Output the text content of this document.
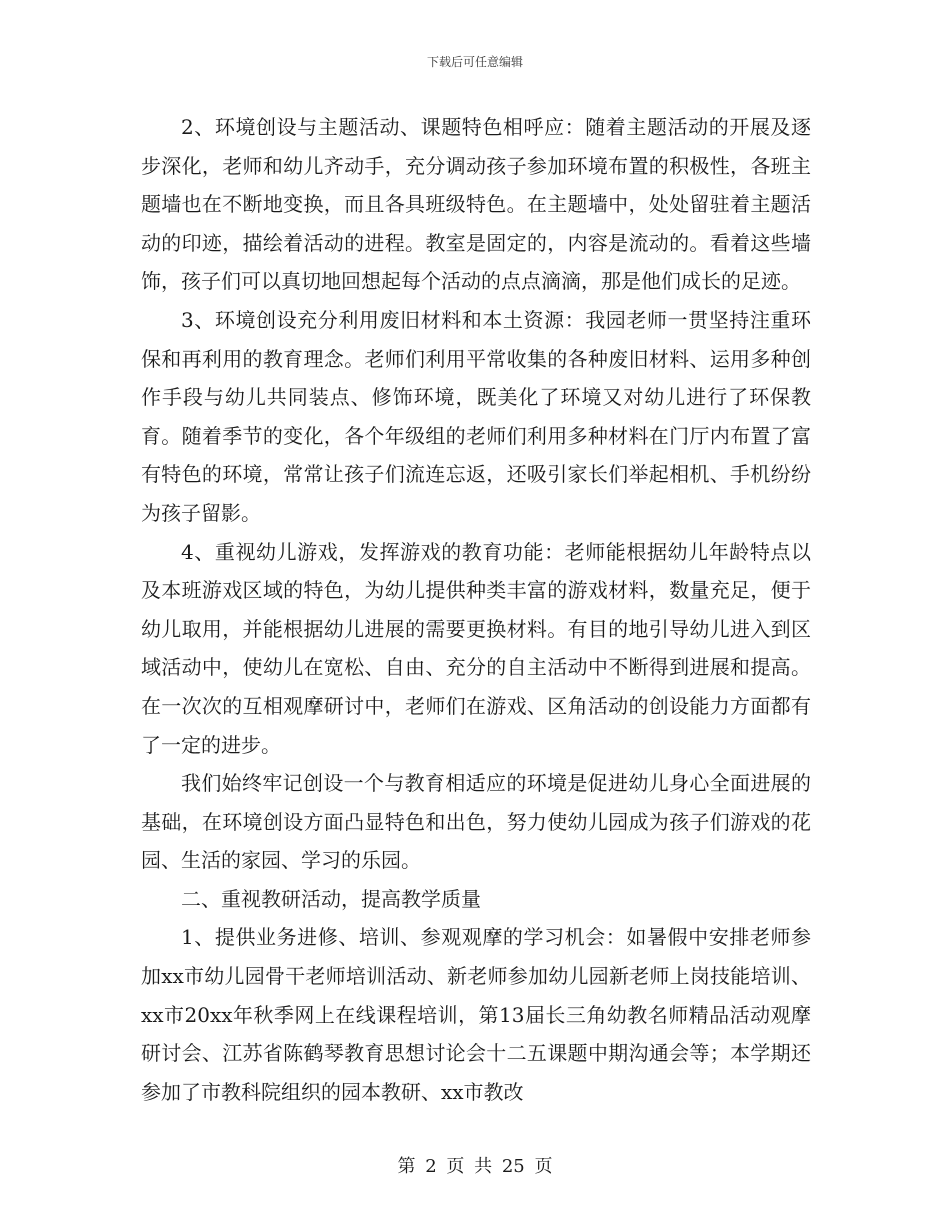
下载后可任意编辑

2、环境创设与主题活动、课题特色相呼应：随着主题活动的开展及逐步深化，老师和幼儿齐动手，充分调动孩子参加环境布置的积极性，各班主题墙也在不断地变换，而且各具班级特色。在主题墙中，处处留驻着主题活动的印迹，描绘着活动的进程。教室是固定的，内容是流动的。看着这些墙饰，孩子们可以真切地回想起每个活动的点点滴滴，那是他们成长的足迹。

3、环境创设充分利用废旧材料和本土资源：我园老师一贯坚持注重环保和再利用的教育理念。老师们利用平常收集的各种废旧材料、运用多种创作手段与幼儿共同装点、修饰环境，既美化了环境又对幼儿进行了环保教育。随着季节的变化，各个年级组的老师们利用多种材料在门厅内布置了富有特色的环境，常常让孩子们流连忘返，还吸引家长们举起相机、手机纷纷为孩子留影。

4、重视幼儿游戏，发挥游戏的教育功能：老师能根据幼儿年龄特点以及本班游戏区域的特色，为幼儿提供种类丰富的游戏材料，数量充足，便于幼儿取用，并能根据幼儿进展的需要更换材料。有目的地引导幼儿进入到区域活动中，使幼儿在宽松、自由、充分的自主活动中不断得到进展和提高。在一次次的互相观摩研讨中，老师们在游戏、区角活动的创设能力方面都有了一定的进步。

我们始终牢记创设一个与教育相适应的环境是促进幼儿身心全面进展的基础，在环境创设方面凸显特色和出色，努力使幼儿园成为孩子们游戏的花园、生活的家园、学习的乐园。

二、重视教研活动，提高教学质量

1、提供业务进修、培训、参观观摩的学习机会：如暑假中安排老师参加xx市幼儿园骨干老师培训活动、新老师参加幼儿园新老师上岗技能培训、xx市20xx年秋季网上在线课程培训，第13届长三角幼教名师精品活动观摩研讨会、江苏省陈鹤琴教育思想讨论会十二五课题中期沟通会等；本学期还参加了市教科院组织的园本教研、xx市教改

第 2 页 共 25 页
